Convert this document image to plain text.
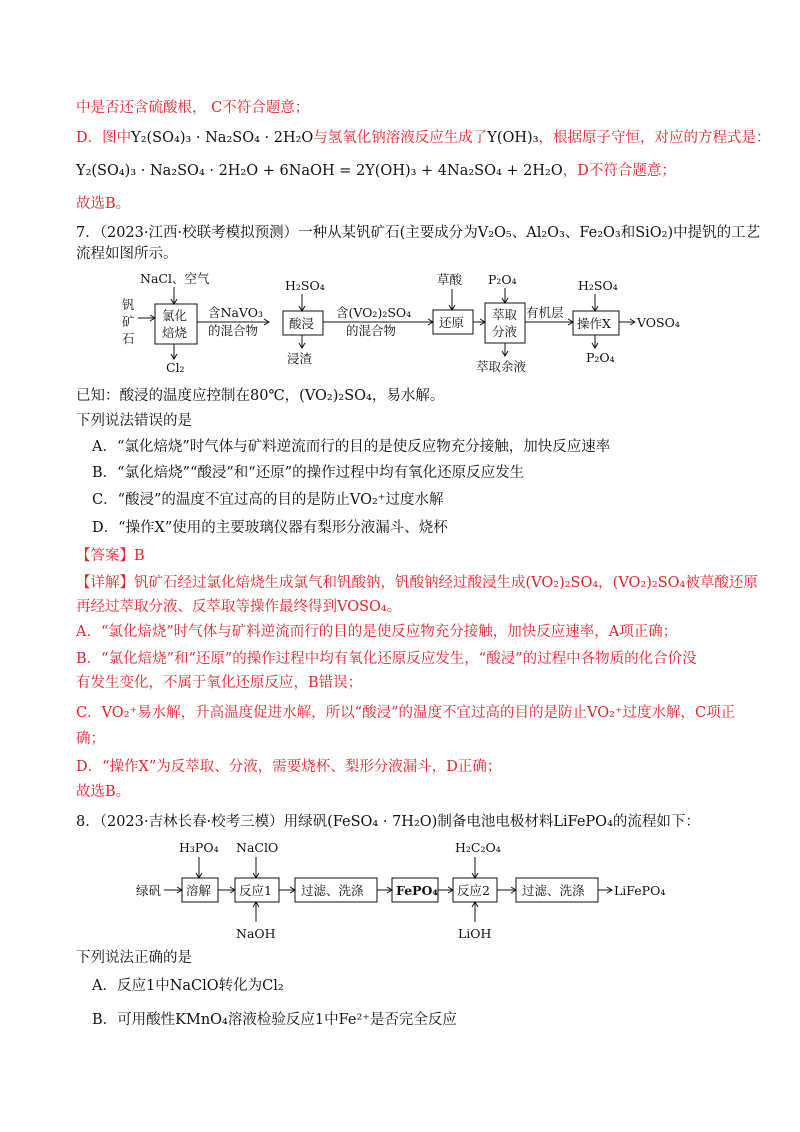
中是否还含硫酸根， C不符合题意；
D．图中Y₂(SO₄)₃ · Na₂SO₄ · 2H₂O与氢氧化钠溶液反应生成了Y(OH)₃，根据原子守恒，对应的方程式是：
Y₂(SO₄)₃ · Na₂SO₄ · 2H₂O + 6NaOH = 2Y(OH)₃ + 4Na₂SO₄ + 2H₂O，D不符合题意；
故选B。
7．（2023·江西·校联考模拟预测）一种从某钒矿石(主要成分为V₂O₅、Al₂O₃、Fe₂O₃和SiO₂)中提钒的工艺
流程如图所示。
钒
矿
石
NaCl、空气
氯化
焙烧
Cl₂
含NaVO₃
的混合物
H₂SO₄
酸浸
浸渣
含(VO₂)₂SO₄
的混合物
草酸
还原
P₂O₄
萃取
分液
萃取余液
有机层
H₂SO₄
操作X
P₂O₄
VOSO₄
已知：酸浸的温度应控制在80℃，(VO₂)₂SO₄，易水解。
下列说法错误的是
A．“氯化焙烧”时气体与矿料逆流而行的目的是使反应物充分接触，加快反应速率
B．“氯化焙烧”“酸浸”和“还原”的操作过程中均有氧化还原反应发生
C．“酸浸”的温度不宜过高的目的是防止VO₂⁺过度水解
D．“操作X”使用的主要玻璃仪器有梨形分液漏斗、烧杯
【答案】B
【详解】钒矿石经过氯化焙烧生成氯气和钒酸钠，钒酸钠经过酸浸生成(VO₂)₂SO₄，(VO₂)₂SO₄被草酸还原
再经过萃取分液、反萃取等操作最终得到VOSO₄。
A．“氯化焙烧”时气体与矿料逆流而行的目的是使反应物充分接触，加快反应速率，A项正确；
B．“氯化焙烧”和“还原”的操作过程中均有氧化还原反应发生，“酸浸”的过程中各物质的化合价没
有发生变化，不属于氧化还原反应，B错误；
C．VO₂⁺易水解，升高温度促进水解，所以“酸浸”的温度不宜过高的目的是防止VO₂⁺过度水解，C项正
确；
D．“操作X”为反萃取、分液，需要烧杯、梨形分液漏斗，D正确；
故选B。
8．（2023·吉林长春·校考三模）用绿矾(FeSO₄ · 7H₂O)制备电池电极材料LiFePO₄的流程如下：
绿矾
H₃PO₄
溶解
NaClO
反应1
NaOH
过滤、洗涤	FePO₄
H₂C₂O₄
反应2
LiOH
过滤、洗涤 LiFePO₄
下列说法正确的是
A．反应1中NaClO转化为Cl₂
B．可用酸性KMnO₄溶液检验反应1中Fe²⁺是否完全反应
